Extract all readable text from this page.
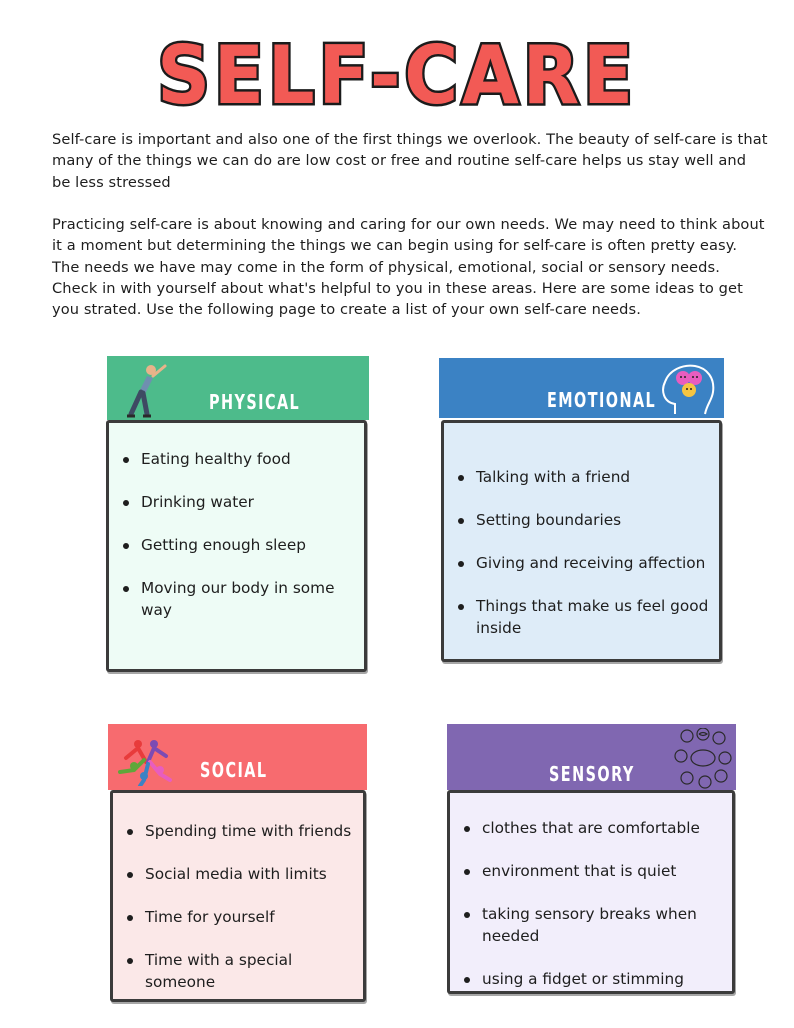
SELF-CARE

Self-care is important and also one of the first things we overlook. The beauty of self-care is that many of the things we can do are low cost or free and routine self-care helps us stay well and be less stressed

Practicing self-care is about knowing and caring for our own needs. We may need to think about it a moment but determining the things we can begin using for self-care is often pretty easy. The needs we have may come in the form of physical, emotional, social or sensory needs. Check in with yourself about what's helpful to you in these areas. Here are some ideas to get you strated. Use the following page to create a list of your own self-care needs.

PHYSICAL
Eating healthy food
Drinking water
Getting enough sleep
Moving our body in some way
EMOTIONAL
Talking with a friend
Setting boundaries
Giving and receiving affection
Things that make us feel good inside
SOCIAL
Spending time with friends
Social media with limits
Time for yourself
Time with a special someone
SENSORY
clothes that are comfortable
environment that is quiet
taking sensory breaks when needed
using a fidget or stimming
